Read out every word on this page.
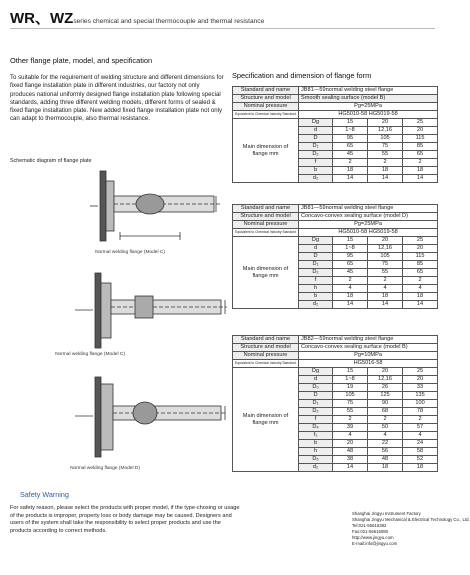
WR、WZseries chemical and special thermocouple and thermal resistance
Other flange plate, model, and specification
To suitable for the requirement of welding structure and different dimensions for fixed flange installation plate in different industries, our factory not only produces national uniformly designed flange installation plate following special standards, adding three different welding models, different forms of sealed & fixed flange installation plate. New added fixed flange installation plate not only can adapt to thermocouple, also thermal resistance.
Schematic diagram of flange plate
Normal welding flange (Model C)
Normal welding flange (Model C)
Normal welding flange (Model D)
Safety Warning
For safety reason, please select the products with proper model, if the type-chosing or usage of the products is improper, property loss or body damage may be caused. Designers and users of the system shall take the responsibility to select proper products and use the products according to correct methods.
Specification and dimension of flange form
Standard and name	JB81—59normal welding steel flange			
Structure and model	Smooth sealing surface (model B)			
Nominal pressure	Pg=25MPa			
Equivalent to Chemical Industry Standard	HG5010-58 HG5019-58			
Main dimension of flange mm	Dg	15	20	25
	d	1~8	12,16	20
	D	95	105	115
	D₁	65	75	85
	D₂	45	55	65
	f	2	2	2
	b	18	18	18
	d₂	14	14	14
Standard and name	JB81—59normal welding steel flange			
Structure and model	Concavo-convex sealing surface (model D)			
Nominal pressure	Pg=25MPa			
Equivalent to Chemical Industry Standard	HG5010-58 HG5019-58			
Main dimension of flange mm	Dg	15	20	25
	d	1~8	12,16	20
	D	95	105	115
	D₁	65	75	85
	D₂	45	55	65
	f	2	2	2
	h	4	4	4
	b	18	18	18
	d₂	14	14	14
Standard and name	JB82—59normal welding steel flange			
Structure and model	Concavo-convex sealing surface (model B)			
Nominal pressure	Pg=10MPa			
Equivalent to Chemical Industry Standard	HG5016-58			
Main dimension of flange mm	Dg	15	20	25
	d	1~8	12,16	20
	D₀	19	26	33
	D	105	125	135
	D₁	75	90	100
	D₂	55	68	78
	f	2	2	2
	D₄	39	50	57
	f₁	4	4	4
	b	20	22	24
	h	48	56	58
	D₅	38	48	52
	d₂	14	18	18
Shanghai Jingyu Instrument Factory
Shanghai Jingyu Mechanical & Electrical Technology Co., Ltd.
Tel:021-56616382
Fax:021-56616080
http://www.jingyu.com
E-mail:info@jingyu.com
